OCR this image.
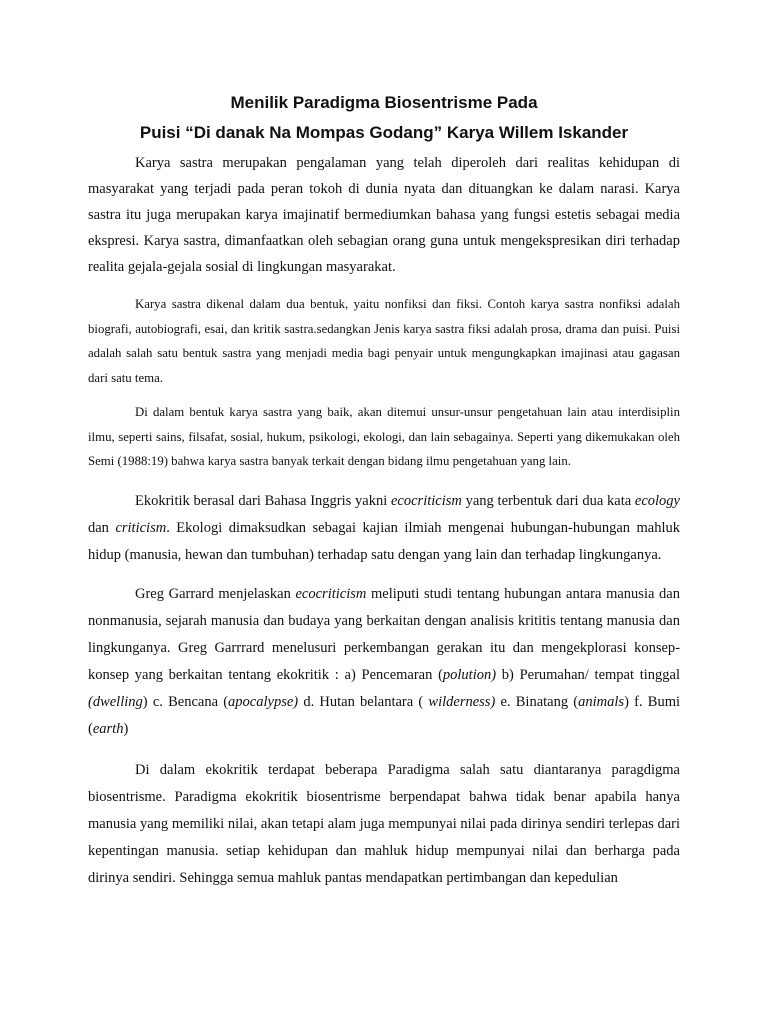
Menilik Paradigma Biosentrisme Pada

Puisi “Di danak Na Mompas Godang” Karya Willem Iskander

Karya sastra merupakan pengalaman yang telah diperoleh dari realitas kehidupan di masyarakat yang terjadi pada peran tokoh di dunia nyata dan dituangkan ke dalam narasi. Karya sastra itu juga merupakan karya imajinatif bermediumkan bahasa yang fungsi estetis sebagai media ekspresi. Karya sastra, dimanfaatkan oleh sebagian orang guna untuk mengekspresikan diri terhadap realita gejala-gejala sosial di lingkungan masyarakat.

Karya sastra dikenal dalam dua bentuk, yaitu nonfiksi dan fiksi. Contoh karya sastra nonfiksi adalah biografi, autobiografi, esai, dan kritik sastra.sedangkan Jenis karya sastra fiksi adalah prosa, drama dan puisi. Puisi adalah salah satu bentuk sastra yang menjadi media bagi penyair untuk mengungkapkan imajinasi atau gagasan dari satu tema.

Di dalam bentuk karya sastra yang baik, akan ditemui unsur-unsur pengetahuan lain atau interdisiplin ilmu, seperti sains, filsafat, sosial, hukum, psikologi, ekologi, dan lain sebagainya. Seperti yang dikemukakan oleh Semi (1988:19) bahwa karya sastra banyak terkait dengan bidang ilmu pengetahuan yang lain.

Ekokritik berasal dari Bahasa Inggris yakni ecocriticism yang terbentuk dari dua kata ecology dan criticism. Ekologi dimaksudkan sebagai kajian ilmiah mengenai hubungan-hubungan mahluk hidup (manusia, hewan dan tumbuhan) terhadap satu dengan yang lain dan terhadap lingkunganya.

Greg Garrard menjelaskan ecocriticism meliputi studi tentang hubungan antara manusia dan nonmanusia, sejarah manusia dan budaya yang berkaitan dengan analisis krititis tentang manusia dan lingkunganya. Greg Garrrard menelusuri perkembangan gerakan itu dan mengekplorasi konsep-konsep yang berkaitan tentang ekokritik : a) Pencemaran (polution) b) Perumahan/ tempat tinggal (dwelling) c. Bencana (apocalypse) d. Hutan belantara ( wilderness) e. Binatang (animals) f. Bumi (earth)

Di dalam ekokritik terdapat beberapa Paradigma salah satu diantaranya paragdigma biosentrisme. Paradigma ekokritik biosentrisme berpendapat bahwa tidak benar apabila hanya manusia yang memiliki nilai, akan tetapi alam juga mempunyai nilai pada dirinya sendiri terlepas dari kepentingan manusia. setiap kehidupan dan mahluk hidup mempunyai nilai dan berharga pada dirinya sendiri. Sehingga semua mahluk pantas mendapatkan pertimbangan dan kepedulian
